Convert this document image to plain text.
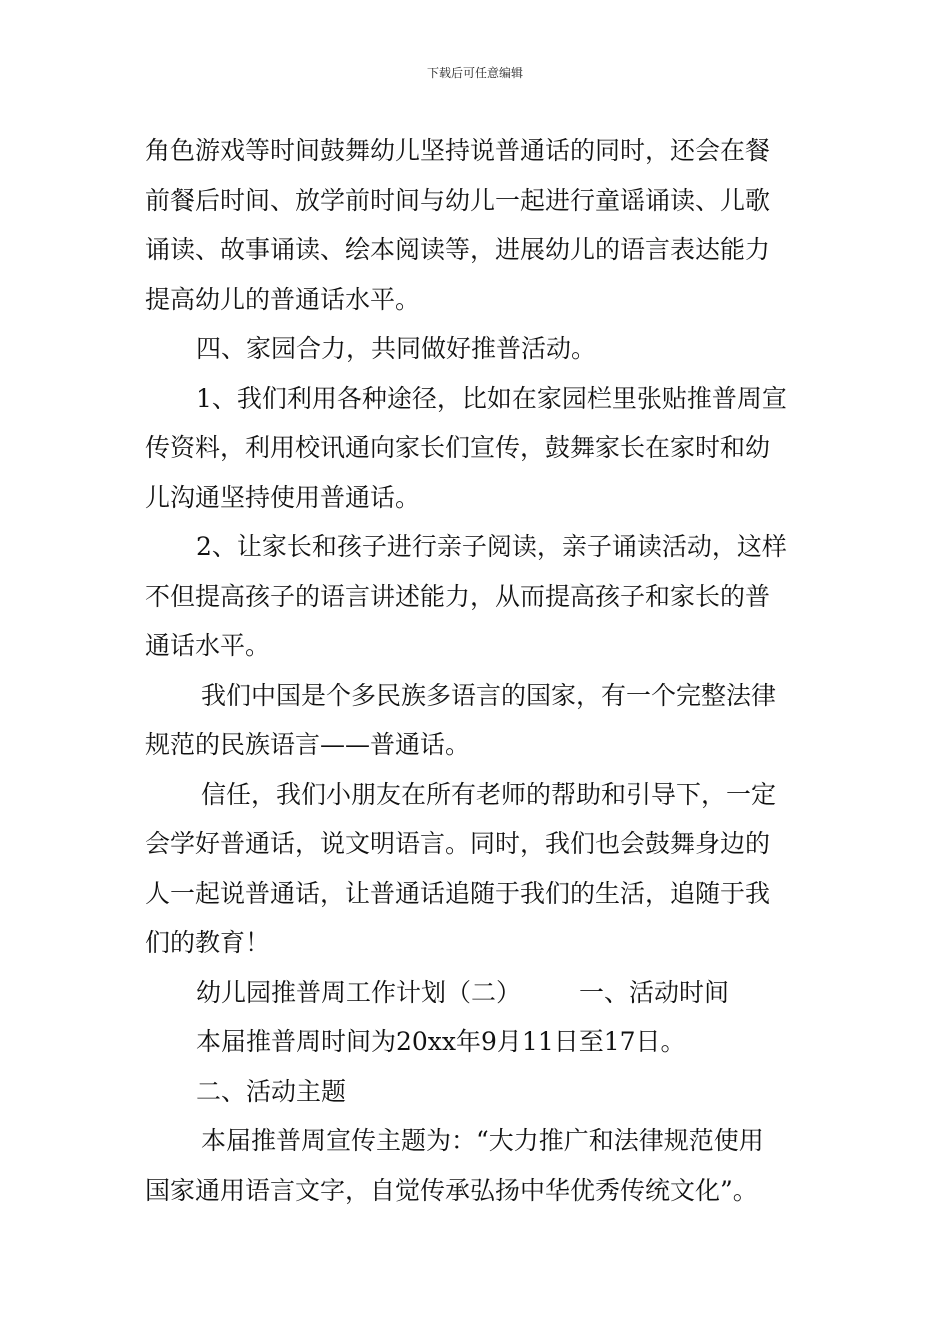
下载后可任意编辑
角色游戏等时间鼓舞幼儿坚持说普通话的同时，还会在餐
前餐后时间、放学前时间与幼儿一起进行童谣诵读、儿歌
诵读、故事诵读、绘本阅读等，进展幼儿的语言表达能力
提高幼儿的普通话水平。
四、家园合力，共同做好推普活动。
1、我们利用各种途径，比如在家园栏里张贴推普周宣
传资料，利用校讯通向家长们宣传，鼓舞家长在家时和幼
儿沟通坚持使用普通话。
2、让家长和孩子进行亲子阅读，亲子诵读活动，这样
不但提高孩子的语言讲述能力，从而提高孩子和家长的普
通话水平。
我们中国是个多民族多语言的国家，有一个完整法律
规范的民族语言——普通话。
信任，我们小朋友在所有老师的帮助和引导下，一定
会学好普通话，说文明语言。同时，我们也会鼓舞身边的
人一起说普通话，让普通话追随于我们的生活，追随于我
们的教育！
幼儿园推普周工作计划（二） 一、活动时间
本届推普周时间为20xx年9月11日至17日。
二、活动主题
本届推普周宣传主题为：“大力推广和法律规范使用
国家通用语言文字，自觉传承弘扬中华优秀传统文化”。
